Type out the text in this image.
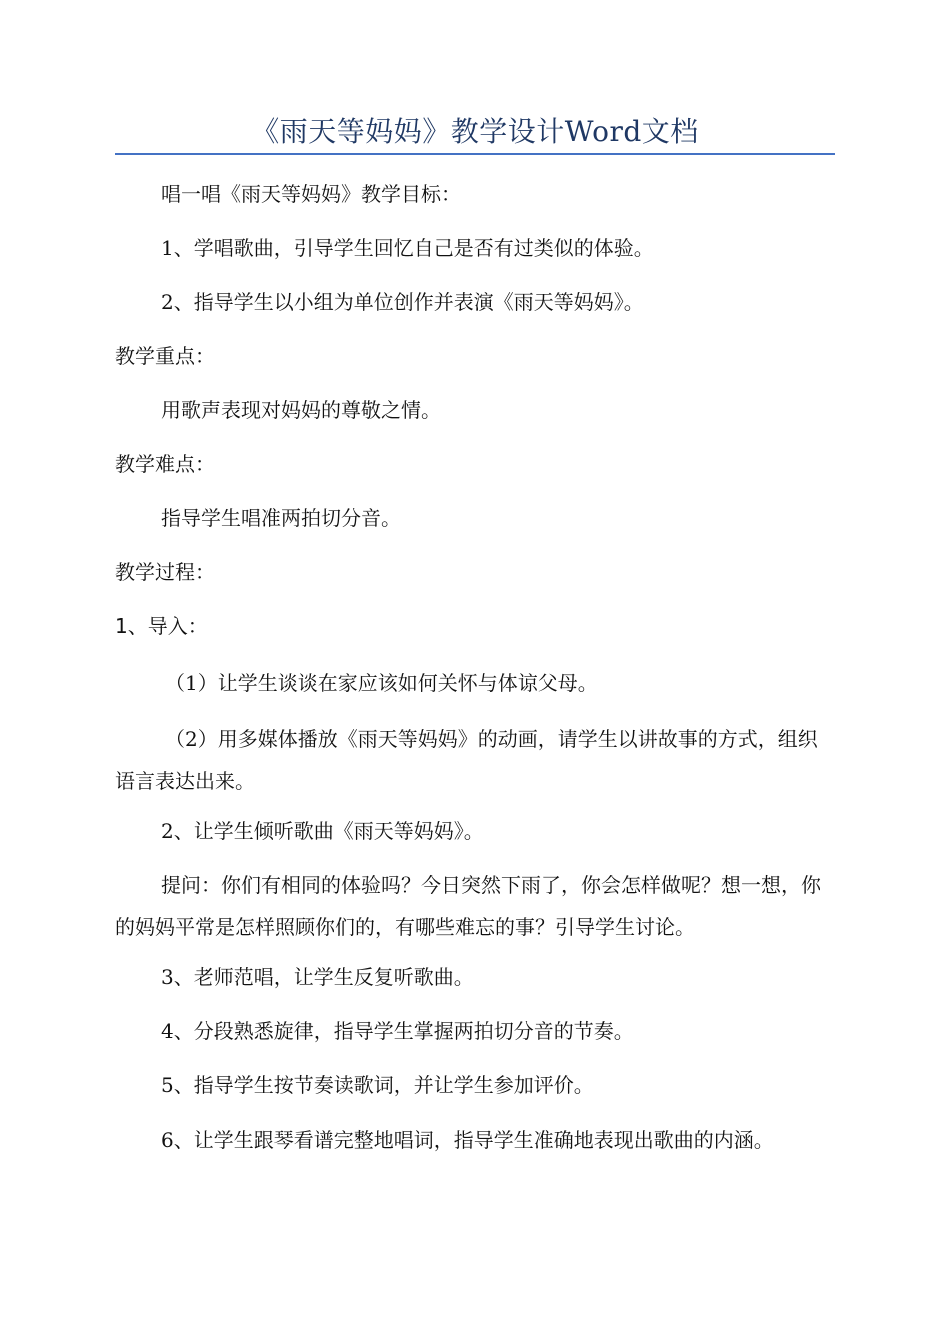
《雨天等妈妈》教学设计Word文档
唱一唱《雨天等妈妈》教学目标：
1、学唱歌曲，引导学生回忆自己是否有过类似的体验。
2、指导学生以小组为单位创作并表演《雨天等妈妈》。
教学重点：
用歌声表现对妈妈的尊敬之情。
教学难点：
指导学生唱准两拍切分音。
教学过程：
1、导入：
（1）让学生谈谈在家应该如何关怀与体谅父母。
（2）用多媒体播放《雨天等妈妈》的动画，请学生以讲故事的方式，组织语言表达出来。
2、让学生倾听歌曲《雨天等妈妈》。
提问：你们有相同的体验吗？今日突然下雨了，你会怎样做呢？想一想，你的妈妈平常是怎样照顾你们的，有哪些难忘的事？引导学生讨论。
3、老师范唱，让学生反复听歌曲。
4、分段熟悉旋律，指导学生掌握两拍切分音的节奏。
5、指导学生按节奏读歌词，并让学生参加评价。
6、让学生跟琴看谱完整地唱词，指导学生准确地表现出歌曲的内涵。
